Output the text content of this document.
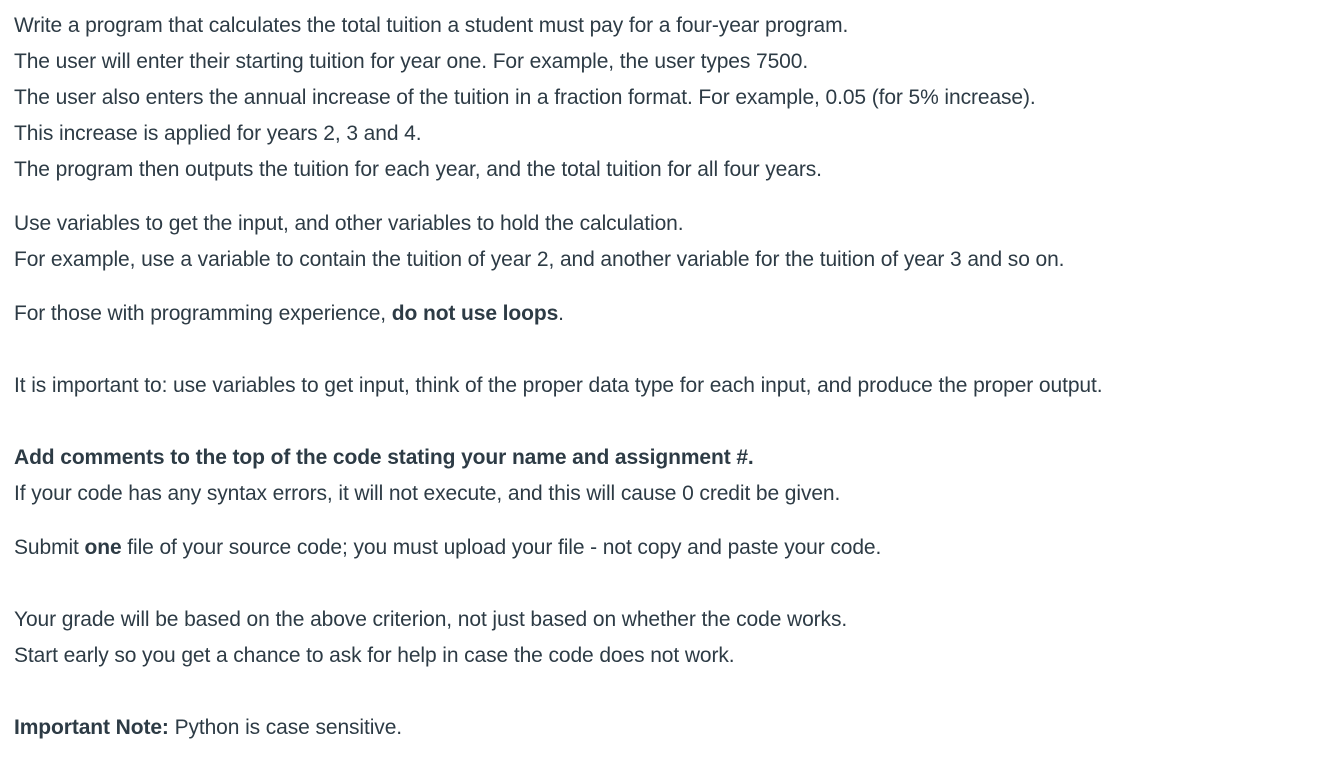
Write a program that calculates the total tuition a student must pay for a four-year program.
The user will enter their starting tuition for year one. For example, the user types 7500.
The user also enters the annual increase of the tuition in a fraction format. For example, 0.05 (for 5% increase).
This increase is applied for years 2, 3 and 4.
The program then outputs the tuition for each year, and the total tuition for all four years.
Use variables to get the input, and other variables to hold the calculation.
For example, use a variable to contain the tuition of year 2, and another variable for the tuition of year 3 and so on.
For those with programming experience, do not use loops.
It is important to: use variables to get input, think of the proper data type for each input, and produce the proper output.
Add comments to the top of the code stating your name and assignment #.
If your code has any syntax errors, it will not execute, and this will cause 0 credit be given.
Submit one file of your source code; you must upload your file - not copy and paste your code.
Your grade will be based on the above criterion, not just based on whether the code works.
Start early so you get a chance to ask for help in case the code does not work.
Important Note: Python is case sensitive.
